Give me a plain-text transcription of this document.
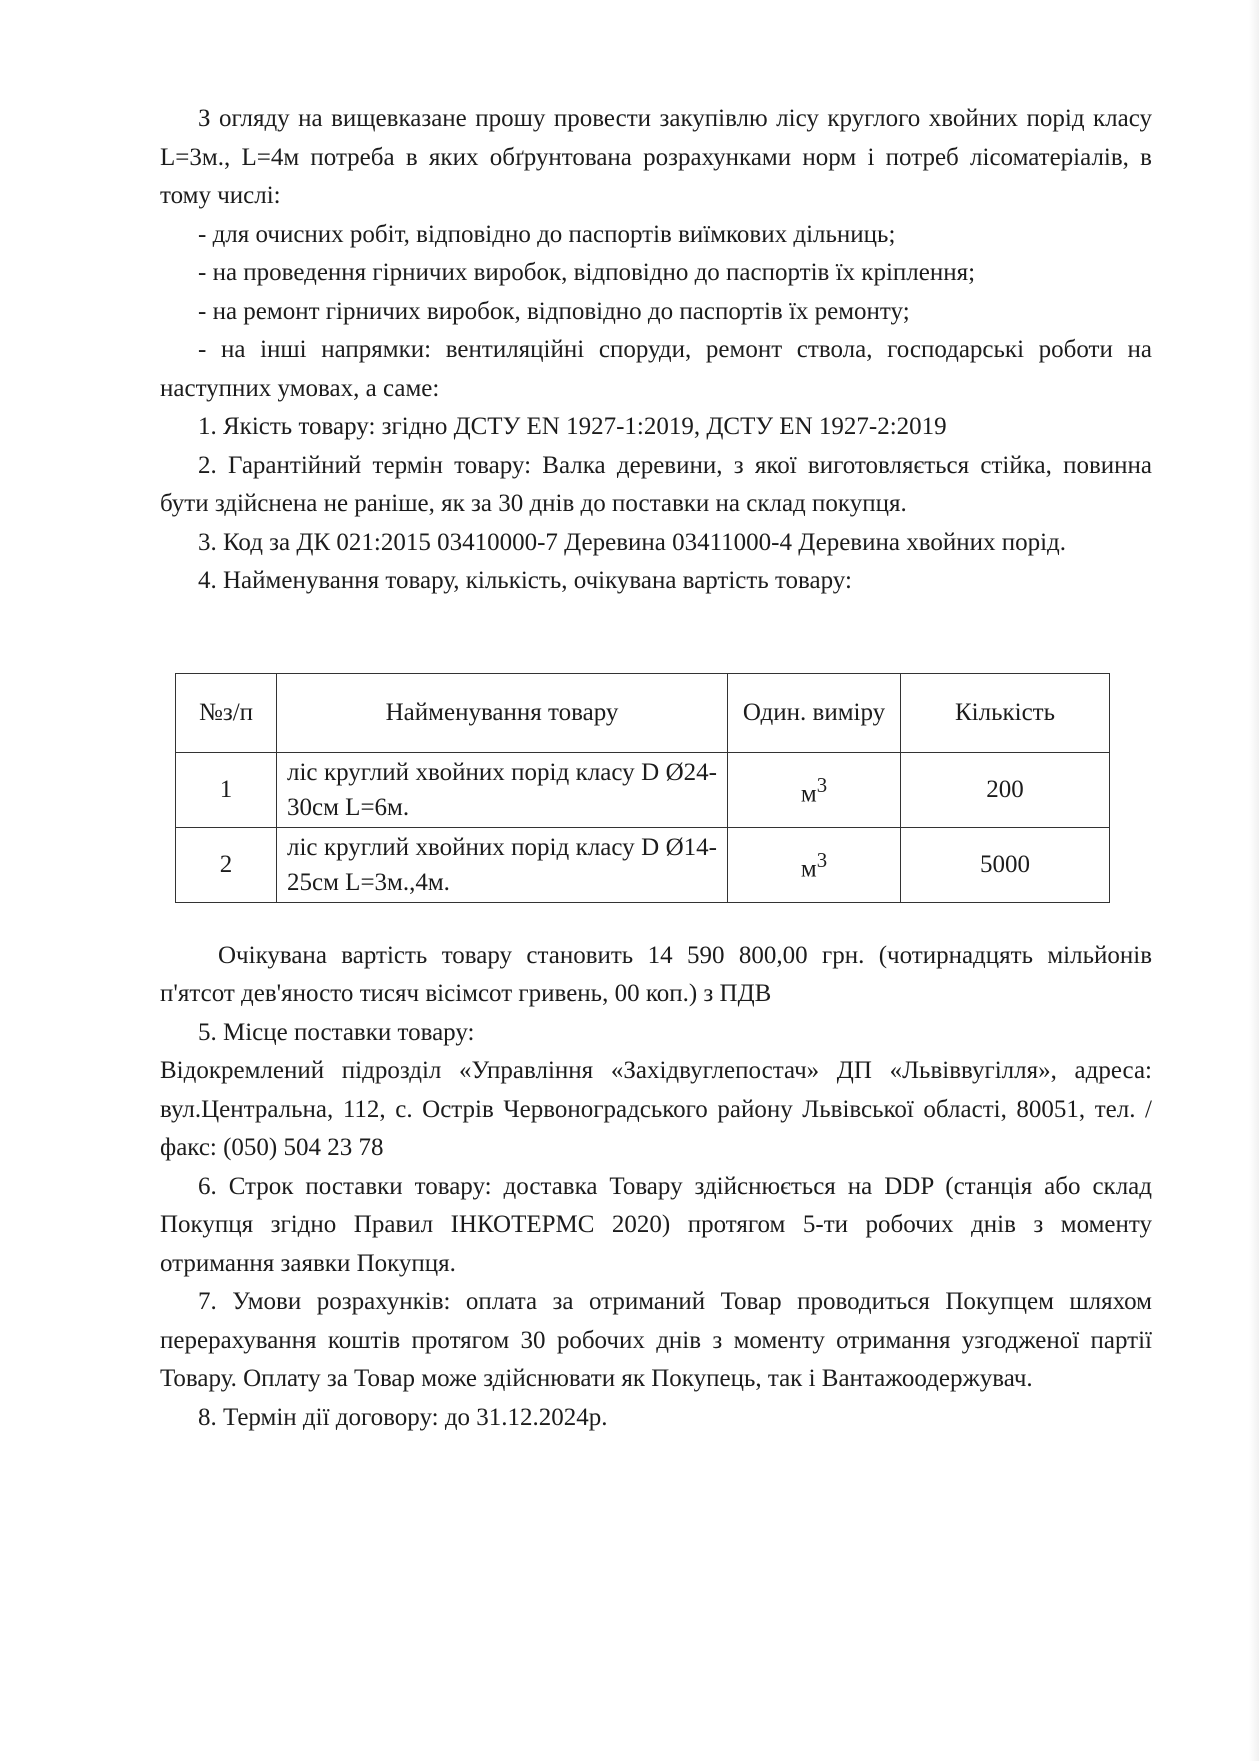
З огляду на вищевказане прошу провести закупівлю лісу круглого хвойних порід класу L=3м., L=4м потреба в яких обґрунтована розрахунками норм і потреб лісоматеріалів, в тому числі:

- для очисних робіт, відповідно до паспортів виїмкових дільниць;

- на проведення гірничих виробок, відповідно до паспортів їх кріплення;

- на ремонт гірничих виробок, відповідно до паспортів їх ремонту;

- на інші напрямки: вентиляційні споруди, ремонт ствола, господарські роботи на наступних умовах, а саме:

1. Якість товару: згідно ДСТУ EN 1927-1:2019, ДСТУ EN 1927-2:2019

2. Гарантійний термін товару: Валка деревини, з якої виготовляється стійка, повинна бути здійснена не раніше, як за 30 днів до поставки на склад покупця.

3. Код за ДК 021:2015 03410000-7 Деревина 03411000-4 Деревина хвойних порід.

4. Найменування товару, кількість, очікувана вартість товару:

№з/п	Найменування товару	Один. виміру	Кількість
1	ліс круглий хвойних порід класу D Ø24-30см L=6м.	$м^3$	200
2	ліс круглий хвойних порід класу D Ø14-25см L=3м.,4м.	$м^3$	5000

Очікувана вартість товару становить 14 590 800,00 грн. (чотирнадцять мільйонів п'ятсот дев'яносто тисяч вісімсот гривень, 00 коп.) з ПДВ

5. Місце поставки товару:

Відокремлений підрозділ «Управління «Західвуглепостач» ДП «Львіввугілля», адреса: вул.Центральна, 112, с. Острів Червоноградського району Львівської області, 80051, тел. /факс: (050) 504 23 78

6. Строк поставки товару: доставка Товару здійснюється на DDP (станція або склад Покупця згідно Правил ІНКОТЕРМС 2020) протягом 5-ти робочих днів з моменту отримання заявки Покупця.

7. Умови розрахунків: оплата за отриманий Товар проводиться Покупцем шляхом перерахування коштів протягом 30 робочих днів з моменту отримання узгодженої партії Товару. Оплату за Товар може здійснювати як Покупець, так і Вантажоодержувач.

8. Термін дії договору: до 31.12.2024р.
